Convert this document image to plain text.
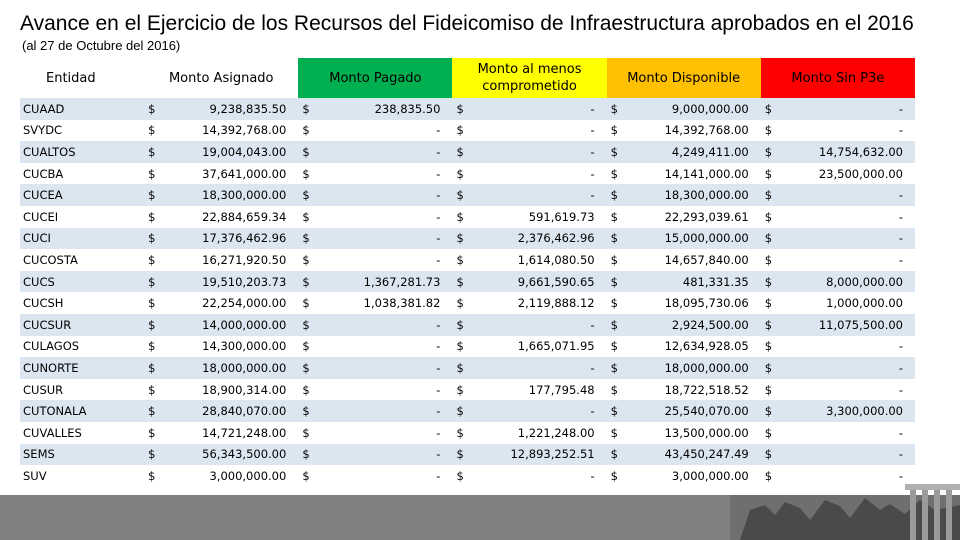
Avance en el Ejercicio de los Recursos del Fideicomiso de Infraestructura aprobados en el 2016
(al 27 de Octubre del 2016)
Entidad	Monto Asignado		Monto Pagado		Monto al menos comprometido		Monto Disponible		Monto Sin P3e	
CUAAD	$	9,238,835.50	$	238,835.50	$	-	$	9,000,000.00	$	-
SVYDC	$	14,392,768.00	$	-	$	-	$	14,392,768.00	$	-
CUALTOS	$	19,004,043.00	$	-	$	-	$	4,249,411.00	$	14,754,632.00
CUCBA	$	37,641,000.00	$	-	$	-	$	14,141,000.00	$	23,500,000.00
CUCEA	$	18,300,000.00	$	-	$	-	$	18,300,000.00	$	-
CUCEI	$	22,884,659.34	$	-	$	591,619.73	$	22,293,039.61	$	-
CUCI	$	17,376,462.96	$	-	$	2,376,462.96	$	15,000,000.00	$	-
CUCOSTA	$	16,271,920.50	$	-	$	1,614,080.50	$	14,657,840.00	$	-
CUCS	$	19,510,203.73	$	1,367,281.73	$	9,661,590.65	$	481,331.35	$	8,000,000.00
CUCSH	$	22,254,000.00	$	1,038,381.82	$	2,119,888.12	$	18,095,730.06	$	1,000,000.00
CUCSUR	$	14,000,000.00	$	-	$	-	$	2,924,500.00	$	11,075,500.00
CULAGOS	$	14,300,000.00	$	-	$	1,665,071.95	$	12,634,928.05	$	-
CUNORTE	$	18,000,000.00	$	-	$	-	$	18,000,000.00	$	-
CUSUR	$	18,900,314.00	$	-	$	177,795.48	$	18,722,518.52	$	-
CUTONALA	$	28,840,070.00	$	-	$	-	$	25,540,070.00	$	3,300,000.00
CUVALLES	$	14,721,248.00	$	-	$	1,221,248.00	$	13,500,000.00	$	-
SEMS	$	56,343,500.00	$	-	$	12,893,252.51	$	43,450,247.49	$	-
SUV	$	3,000,000.00	$	-	$	-	$	3,000,000.00	$	-
